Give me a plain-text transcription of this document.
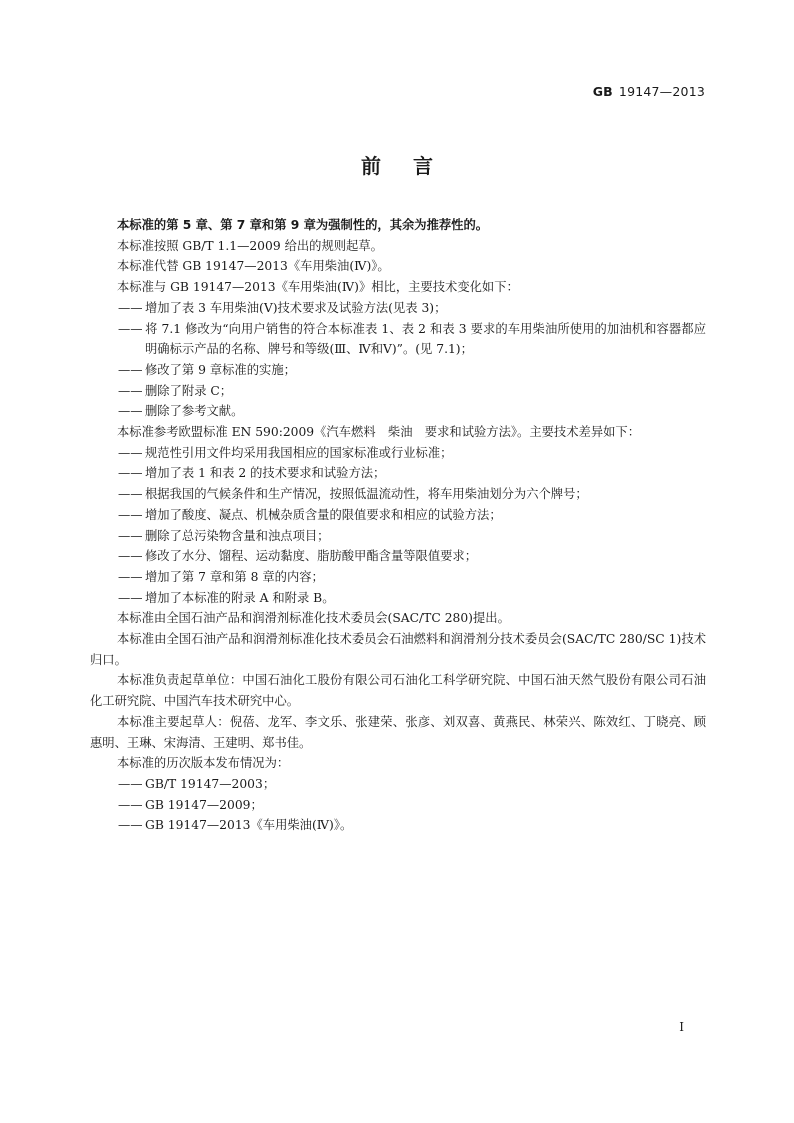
GB 19147—2013
前言

本标准的第 5 章、第 7 章和第 9 章为强制性的，其余为推荐性的。

本标准按照 GB/T 1.1—2009 给出的规则起草。

本标准代替 GB 19147—2013《车用柴油(Ⅳ)》。

本标准与 GB 19147—2013《车用柴油(Ⅳ)》相比，主要技术变化如下：

—— 增加了表 3 车用柴油(Ⅴ)技术要求及试验方法(见表 3)；

—— 将 7.1 修改为“向用户销售的符合本标准表 1、表 2 和表 3 要求的车用柴油所使用的加油机和容器都应明确标示产品的名称、牌号和等级(Ⅲ、Ⅳ和Ⅴ)”。(见 7.1)；

—— 修改了第 9 章标准的实施；

—— 删除了附录 C；

—— 删除了参考文献。

本标准参考欧盟标准 EN 590:2009《汽车燃料　柴油　要求和试验方法》。主要技术差异如下：

—— 规范性引用文件均采用我国相应的国家标准或行业标准；

—— 增加了表 1 和表 2 的技术要求和试验方法；

—— 根据我国的气候条件和生产情况，按照低温流动性，将车用柴油划分为六个牌号；

—— 增加了酸度、凝点、机械杂质含量的限值要求和相应的试验方法；

—— 删除了总污染物含量和浊点项目；

—— 修改了水分、馏程、运动黏度、脂肪酸甲酯含量等限值要求；

—— 增加了第 7 章和第 8 章的内容；

—— 增加了本标准的附录 A 和附录 B。

本标准由全国石油产品和润滑剂标准化技术委员会(SAC/TC 280)提出。

本标准由全国石油产品和润滑剂标准化技术委员会石油燃料和润滑剂分技术委员会(SAC/TC 280/SC 1)技术归口。

本标准负责起草单位：中国石油化工股份有限公司石油化工科学研究院、中国石油天然气股份有限公司石油化工研究院、中国汽车技术研究中心。

本标准主要起草人：倪蓓、龙军、李文乐、张建荣、张彦、刘双喜、黄燕民、林荣兴、陈效红、丁晓亮、顾惠明、王琳、宋海清、王建明、郑书佳。

本标准的历次版本发布情况为：

—— GB/T 19147—2003；

—— GB 19147—2009；

—— GB 19147—2013《车用柴油(Ⅳ)》。

Ⅰ
